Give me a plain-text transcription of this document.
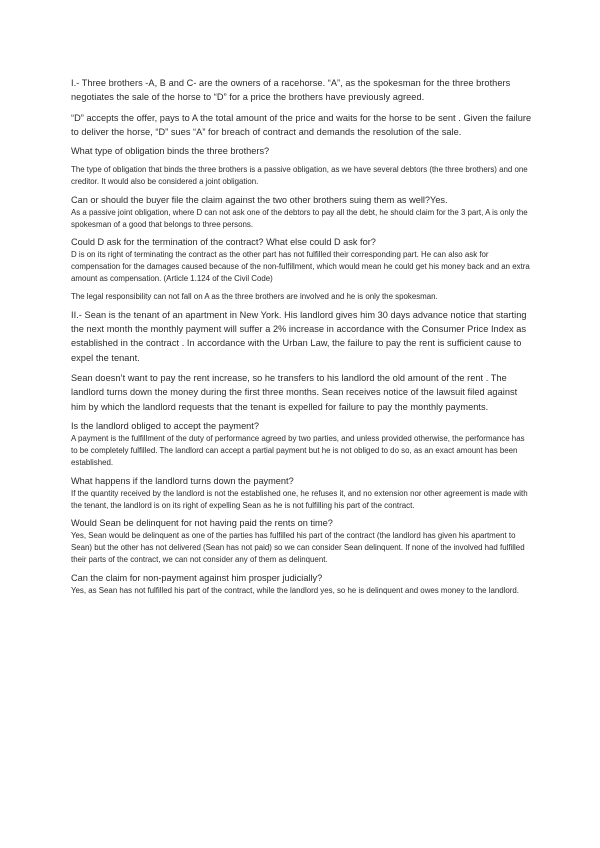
I.- Three brothers -A, B and C- are the owners of a racehorse. “A”, as the spokesman for the three brothers negotiates the sale of the horse to “D” for a price the brothers have previously agreed.

“D” accepts the offer, pays to A the total amount of the price and waits for the horse to be sent . Given the failure to deliver the horse, “D” sues “A” for breach of contract and demands the resolution of the sale.

What type of obligation binds the three brothers?

The type of obligation that binds the three brothers is a passive obligation, as we have several debtors (the three brothers) and one creditor. It would also be considered a joint obligation.

Can or should the buyer file the claim against the two other brothers suing them as well?Yes.

As a passive joint obligation, where D can not ask one of the debtors to pay all the debt, he should claim for the 3 part, A is only the spokesman of a good that belongs to three persons.

Could D ask for the termination of the contract? What else could D ask for?

D is on its right of terminating the contract as the other part has not fulfilled their corresponding part. He can also ask for compensation for the damages caused because of the non-fulfillment, which would mean he could get his money back and an extra amount as compensation. (Article 1.124 of the Civil Code)

The legal responsibility can not fall on A as the three brothers are involved and he is only the spokesman.

II.- Sean is the tenant of an apartment in New York. His landlord gives him 30 days advance notice that starting the next month the monthly payment will suffer a 2% increase in accordance with the Consumer Price Index as established in the contract . In accordance with the Urban Law, the failure to pay the rent is sufficient cause to expel the tenant.

Sean doesn’t want to pay the rent increase, so he transfers to his landlord the old amount of the rent . The landlord turns down the money during the first three months. Sean receives notice of the lawsuit filed against him by which the landlord requests that the tenant is expelled for failure to pay the monthly payments.

Is the landlord obliged to accept the payment?

A payment is the fulfillment of the duty of performance agreed by two parties, and unless provided otherwise, the performance has to be completely fulfilled. The landlord can accept a partial payment but he is not obliged to do so, as an exact amount has been established.

What happens if the landlord turns down the payment?

If the quantity received by the landlord is not the established one, he refuses it, and no extension nor other agreement is made with the tenant, the landlord is on its right of expelling Sean as he is not fulfilling his part of the contract.

Would Sean be delinquent for not having paid the rents on time?

Yes, Sean would be delinquent as one of the parties has fulfilled his part of the contract (the landlord has given his apartment to Sean) but the other has not delivered (Sean has not paid) so we can consider Sean delinquent. If none of the involved had fulfilled their parts of the contract, we can not consider any of them as delinquent.

Can the claim for non-payment against him prosper judicially?

Yes, as Sean has not fulfilled his part of the contract, while the landlord yes, so he is delinquent and owes money to the landlord.
